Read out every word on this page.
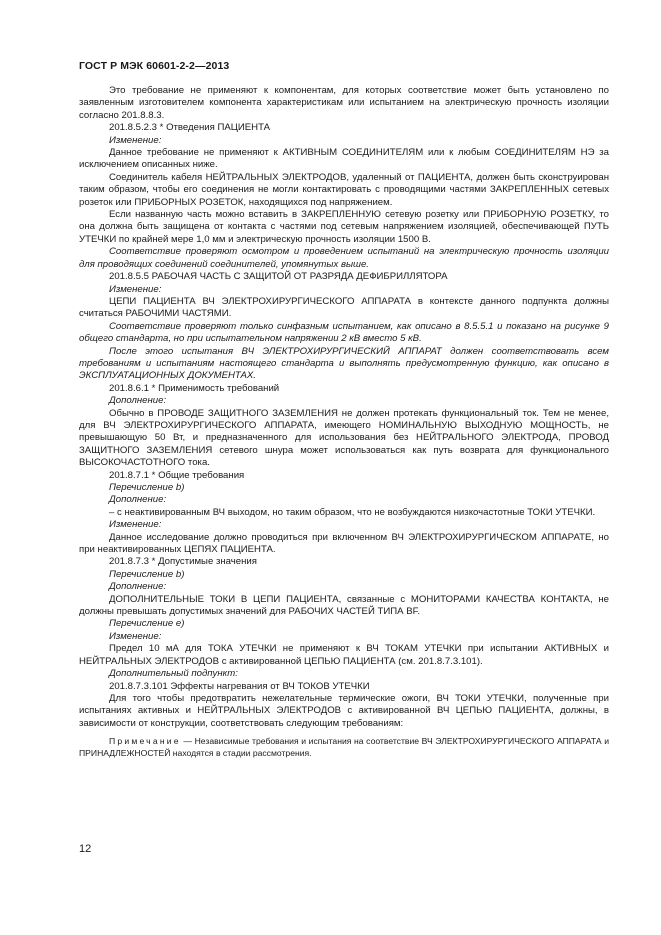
ГОСТ Р МЭК 60601-2-2—2013

Это требование не применяют к компонентам, для которых соответствие может быть установлено по заявленным изготовителем компонента характеристикам или испытанием на электрическую прочность изоляции согласно 201.8.8.3.

201.8.5.2.3 * Отведения ПАЦИЕНТА

Изменение:

Данное требование не применяют к АКТИВНЫМ СОЕДИНИТЕЛЯМ или к любым СОЕДИНИТЕЛЯМ НЭ за исключением описанных ниже.

Соединитель кабеля НЕЙТРАЛЬНЫХ ЭЛЕКТРОДОВ, удаленный от ПАЦИЕНТА, должен быть сконструирован таким образом, чтобы его соединения не могли контактировать с проводящими частями ЗАКРЕПЛЕННЫХ сетевых розеток или ПРИБОРНЫХ РОЗЕТОК, находящихся под напряжением.

Если названную часть можно вставить в ЗАКРЕПЛЕННУЮ сетевую розетку или ПРИБОРНУЮ РОЗЕТКУ, то она должна быть защищена от контакта с частями под сетевым напряжением изоляцией, обеспечивающей ПУТЬ УТЕЧКИ по крайней мере 1,0 мм и электрическую прочность изоляции 1500 В.

Соответствие проверяют осмотром и проведением испытаний на электрическую прочность изоляции для проводящих соединений соединителей, упомянутых выше.

201.8.5.5 РАБОЧАЯ ЧАСТЬ С ЗАЩИТОЙ ОТ РАЗРЯДА ДЕФИБРИЛЛЯТОРА

Изменение:

ЦЕПИ ПАЦИЕНТА ВЧ ЭЛЕКТРОХИРУРГИЧЕСКОГО АППАРАТА в контексте данного подпункта должны считаться РАБОЧИМИ ЧАСТЯМИ.

Соответствие проверяют только синфазным испытанием, как описано в 8.5.5.1 и показано на рисунке 9 общего стандарта, но при испытательном напряжении 2 кВ вместо 5 кВ.

После этого испытания ВЧ ЭЛЕКТРОХИРУРГИЧЕСКИЙ АППАРАТ должен соответствовать всем требованиям и испытаниям настоящего стандарта и выполнять предусмотренную функцию, как описано в ЭКСПЛУАТАЦИОННЫХ ДОКУМЕНТАХ.

201.8.6.1 * Применимость требований

Дополнение:

Обычно в ПРОВОДЕ ЗАЩИТНОГО ЗАЗЕМЛЕНИЯ не должен протекать функциональный ток. Тем не менее, для ВЧ ЭЛЕКТРОХИРУРГИЧЕСКОГО АППАРАТА, имеющего НОМИНАЛЬНУЮ ВЫХОДНУЮ МОЩНОСТЬ, не превышающую 50 Вт, и предназначенного для использования без НЕЙТРАЛЬНОГО ЭЛЕКТРОДА, ПРОВОД ЗАЩИТНОГО ЗАЗЕМЛЕНИЯ сетевого шнура может использоваться как путь возврата для функционального ВЫСОКОЧАСТОТНОГО тока.

201.8.7.1 * Общие требования

Перечисление b)

Дополнение:

– с неактивированным ВЧ выходом, но таким образом, что не возбуждаются низкочастотные ТОКИ УТЕЧКИ.

Изменение:

Данное исследование должно проводиться при включенном ВЧ ЭЛЕКТРОХИРУРГИЧЕСКОМ АППАРАТЕ, но при неактивированных ЦЕПЯХ ПАЦИЕНТА.

201.8.7.3 * Допустимые значения

Перечисление b)

Дополнение:

ДОПОЛНИТЕЛЬНЫЕ ТОКИ В ЦЕПИ ПАЦИЕНТА, связанные с МОНИТОРАМИ КАЧЕСТВА КОНТАКТА, не должны превышать допустимых значений для РАБОЧИХ ЧАСТЕЙ ТИПА BF.

Перечисление е)

Изменение:

Предел 10 мА для ТОКА УТЕЧКИ не применяют к ВЧ ТОКАМ УТЕЧКИ при испытании АКТИВНЫХ и НЕЙТРАЛЬНЫХ ЭЛЕКТРОДОВ с активированной ЦЕПЬЮ ПАЦИЕНТА (см. 201.8.7.3.101).

Дополнительный подпункт:

201.8.7.3.101 Эффекты нагревания от ВЧ ТОКОВ УТЕЧКИ

Для того чтобы предотвратить нежелательные термические ожоги, ВЧ ТОКИ УТЕЧКИ, полученные при испытаниях активных и НЕЙТРАЛЬНЫХ ЭЛЕКТРОДОВ с активированной ВЧ ЦЕПЬЮ ПАЦИЕНТА, должны, в зависимости от конструкции, соответствовать следующим требованиям:

Примечание — Независимые требования и испытания на соответствие ВЧ ЭЛЕКТРОХИРУРГИЧЕСКОГО АППАРАТА и ПРИНАДЛЕЖНОСТЕЙ находятся в стадии рассмотрения.

12
